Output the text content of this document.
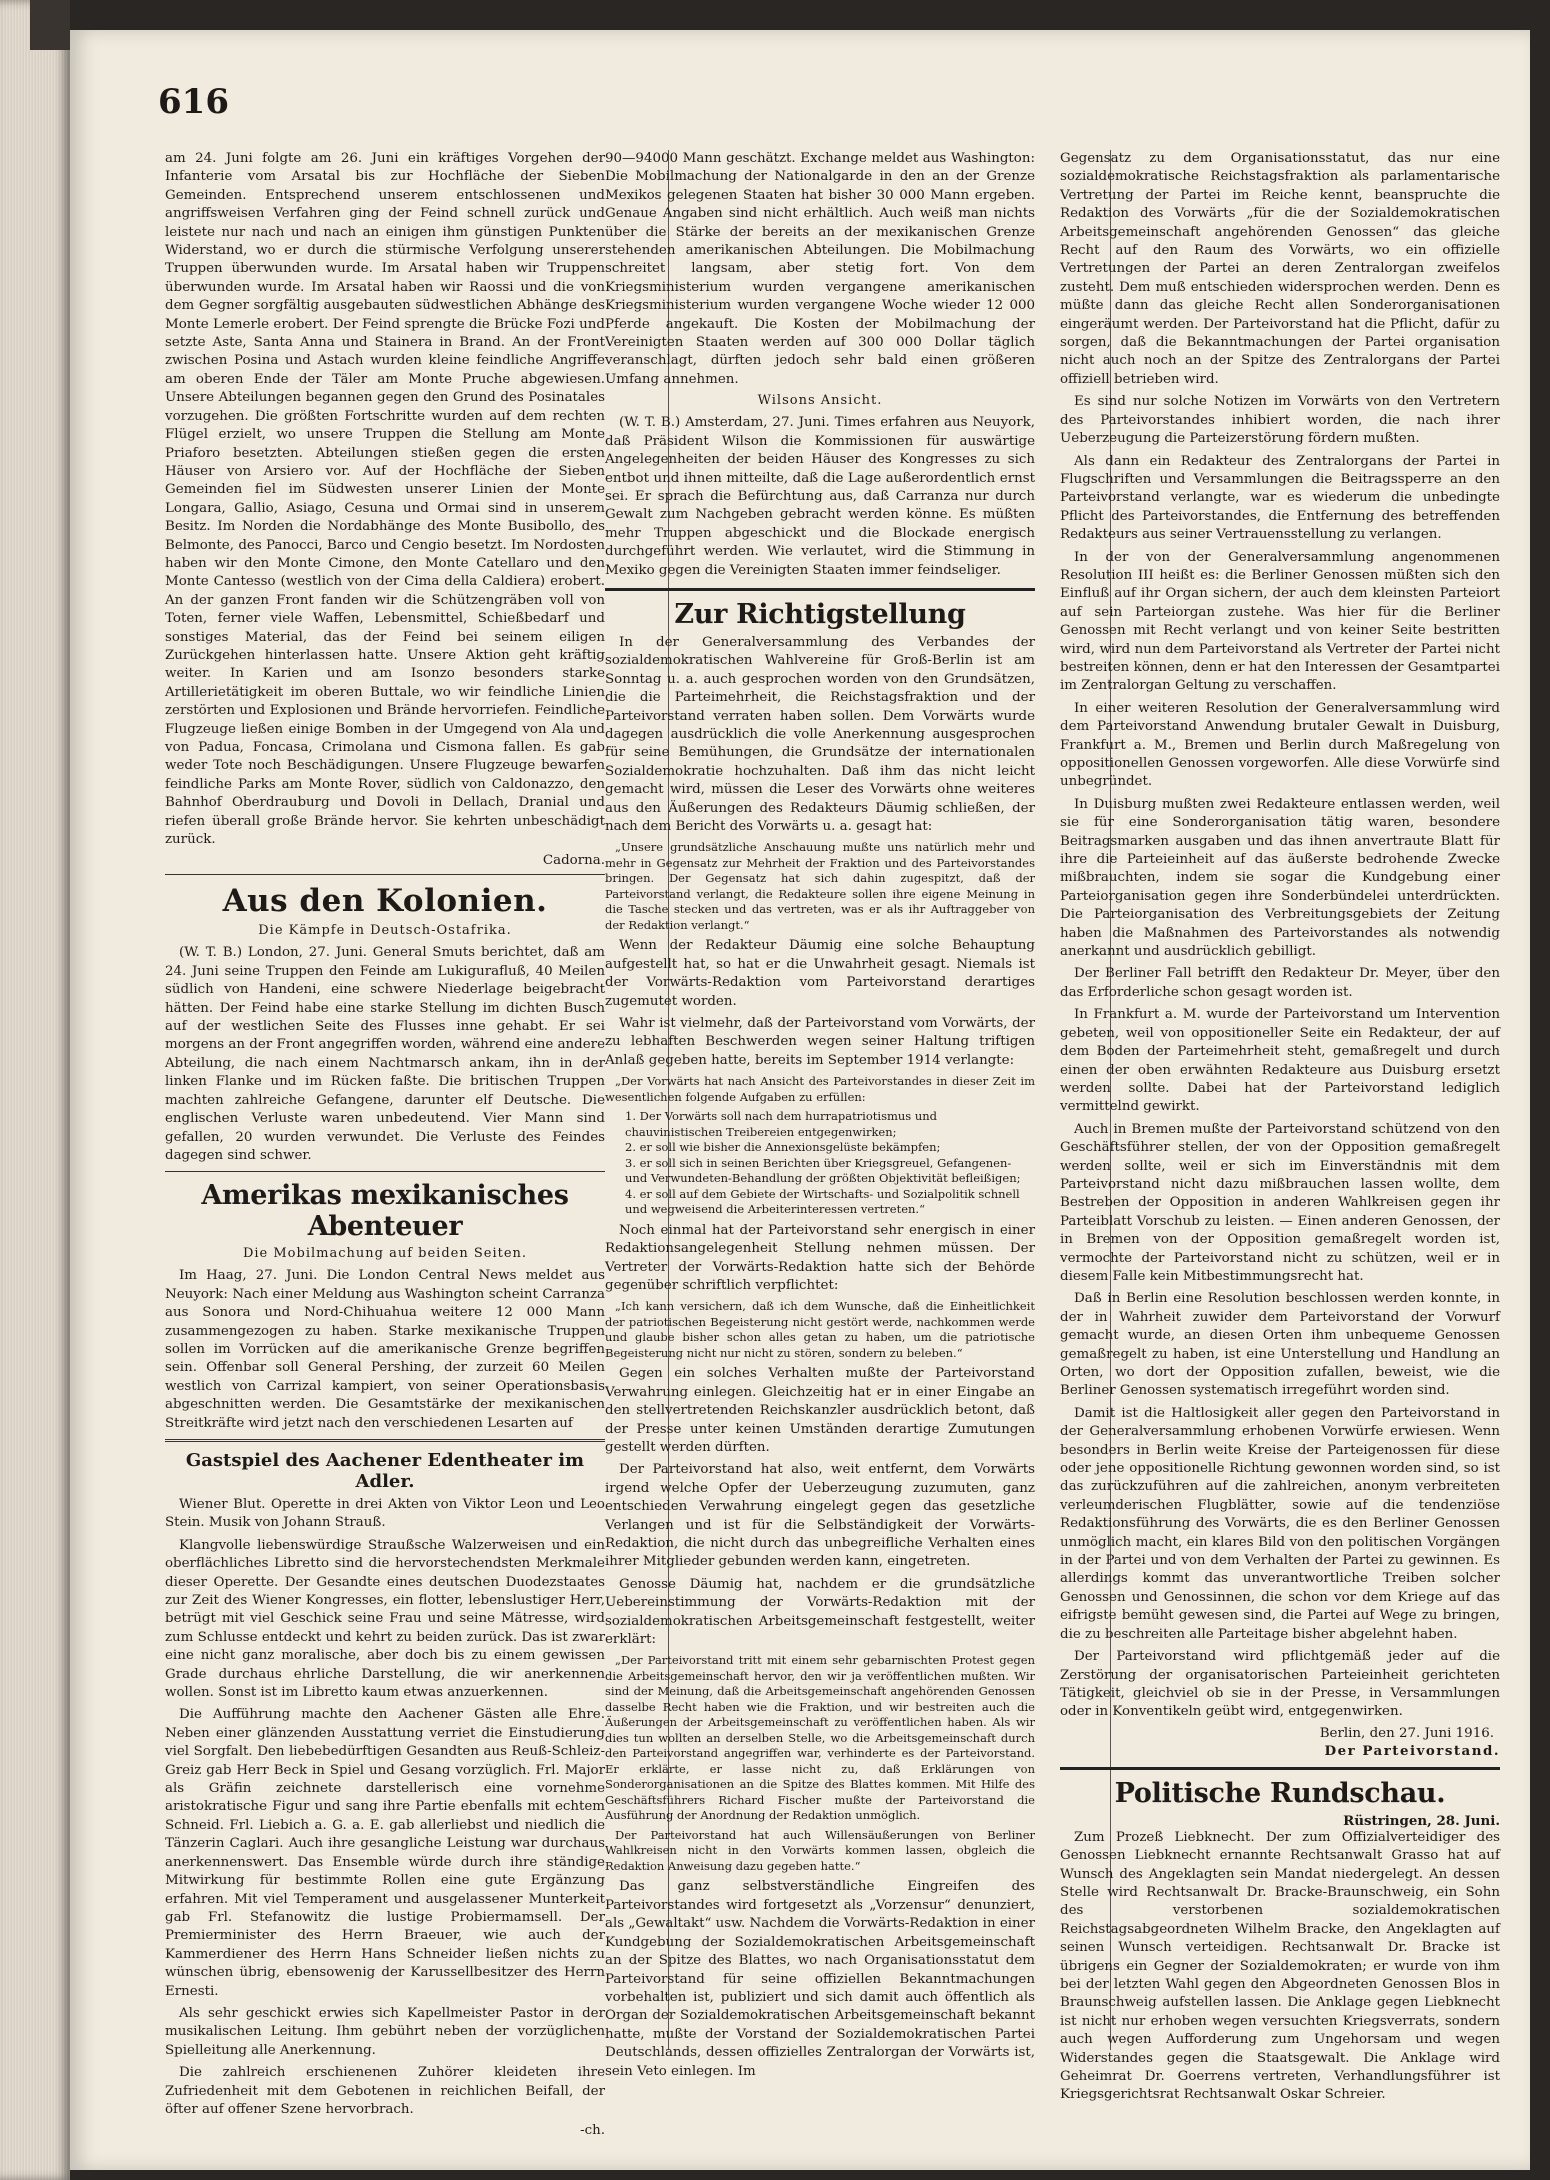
616

am 24. Juni folgte am 26. Juni ein kräftiges Vorgehen der Infanterie vom Arsatal bis zur Hochfläche der Sieben Gemeinden. Entsprechend unserem entschlossenen und angriffsweisen Verfahren ging der Feind schnell zurück und leistete nur nach und nach an einigen ihm günstigen Punkten Widerstand, wo er durch die stürmische Verfolgung unserer Truppen überwunden wurde. Im Arsatal haben wir Truppen überwunden wurde. Im Arsatal haben wir Raossi und die von dem Gegner sorgfältig ausgebauten südwestlichen Abhänge des Monte Lemerle erobert. Der Feind sprengte die Brücke Fozi und setzte Aste, Santa Anna und Stainera in Brand. An der Front zwischen Posina und Astach wurden kleine feindliche Angriffe am oberen Ende der Täler am Monte Pruche abgewiesen. Unsere Abteilungen begannen gegen den Grund des Posinatales vorzugehen. Die größten Fortschritte wurden auf dem rechten Flügel erzielt, wo unsere Truppen die Stellung am Monte Priaforo besetzten. Abteilungen stießen gegen die ersten Häuser von Arsiero vor. Auf der Hochfläche der Sieben Gemeinden fiel im Südwesten unserer Linien der Monte Longara, Gallio, Asiago, Cesuna und Ormai sind in unserem Besitz. Im Norden die Nordabhänge des Monte Busibollo, des Belmonte, des Panocci, Barco und Cengio besetzt. Im Nordosten haben wir den Monte Cimone, den Monte Catellaro und den Monte Cantesso (westlich von der Cima della Caldiera) erobert. An der ganzen Front fanden wir die Schützengräben voll von Toten, ferner viele Waffen, Lebensmittel, Schießbedarf und sonstiges Material, das der Feind bei seinem eiligen Zurückgehen hinterlassen hatte. Unsere Aktion geht kräftig weiter. In Karien und am Isonzo besonders starke Artillerietätigkeit im oberen Buttale, wo wir feindliche Linien zerstörten und Explosionen und Brände hervorriefen. Feindliche Flugzeuge ließen einige Bomben in der Umgegend von Ala und von Padua, Foncasa, Crimolana und Cismona fallen. Es gab weder Tote noch Beschädigungen. Unsere Flugzeuge bewarfen feindliche Parks am Monte Rover, südlich von Caldonazzo, den Bahnhof Oberdrauburg und Dovoli in Dellach, Dranial und riefen überall große Brände hervor. Sie kehrten unbeschädigt zurück.

Cadorna.
Aus den Kolonien.
Die Kämpfe in Deutsch-Ostafrika.

(W. T. B.) London, 27. Juni. General Smuts berichtet, daß am 24. Juni seine Truppen den Feinde am Lukigurafluß, 40 Meilen südlich von Handeni, eine schwere Niederlage beigebracht hätten. Der Feind habe eine starke Stellung im dichten Busch auf der westlichen Seite des Flusses inne gehabt. Er sei morgens an der Front angegriffen worden, während eine andere Abteilung, die nach einem Nachtmarsch ankam, ihn in der linken Flanke und im Rücken faßte. Die britischen Truppen machten zahlreiche Gefangene, darunter elf Deutsche. Die englischen Verluste waren unbedeutend. Vier Mann sind gefallen, 20 wurden verwundet. Die Verluste des Feindes dagegen sind schwer.

Amerikas mexikanisches Abenteuer
Die Mobilmachung auf beiden Seiten.

Im Haag, 27. Juni. Die London Central News meldet aus Neuyork: Nach einer Meldung aus Washington scheint Carranza aus Sonora und Nord-Chihuahua weitere 12 000 Mann zusammengezogen zu haben. Starke mexikanische Truppen sollen im Vorrücken auf die amerikanische Grenze begriffen sein. Offenbar soll General Pershing, der zurzeit 60 Meilen westlich von Carrizal kampiert, von seiner Operationsbasis abgeschnitten werden. Die Gesamtstärke der mexikanischen Streitkräfte wird jetzt nach den verschiedenen Lesarten auf

Gastspiel des Aachener Edentheater im Adler.

Wiener Blut. Operette in drei Akten von Viktor Leon und Leo Stein. Musik von Johann Strauß.

Klangvolle liebenswürdige Straußsche Walzerweisen und ein oberflächliches Libretto sind die hervorstechendsten Merkmale dieser Operette. Der Gesandte eines deutschen Duodezstaates zur Zeit des Wiener Kongresses, ein flotter, lebenslustiger Herr, betrügt mit viel Geschick seine Frau und seine Mätresse, wird zum Schlusse entdeckt und kehrt zu beiden zurück. Das ist zwar eine nicht ganz moralische, aber doch bis zu einem gewissen Grade durchaus ehrliche Darstellung, die wir anerkennen wollen. Sonst ist im Libretto kaum etwas anzuerkennen.

Die Aufführung machte den Aachener Gästen alle Ehre. Neben einer glänzenden Ausstattung verriet die Einstudierung viel Sorgfalt. Den liebebedürftigen Gesandten aus Reuß-Schleiz-Greiz gab Herr Beck in Spiel und Gesang vorzüglich. Frl. Major als Gräfin zeichnete darstellerisch eine vornehme aristokratische Figur und sang ihre Partie ebenfalls mit echtem Schneid. Frl. Liebich a. G. a. E. gab allerliebst und niedlich die Tänzerin Caglari. Auch ihre gesangliche Leistung war durchaus anerkennenswert. Das Ensemble würde durch ihre ständige Mitwirkung für bestimmte Rollen eine gute Ergänzung erfahren. Mit viel Temperament und ausgelassener Munterkeit gab Frl. Stefanowitz die lustige Probiermamsell. Der Premierminister des Herrn Braeuer, wie auch der Kammerdiener des Herrn Hans Schneider ließen nichts zu wünschen übrig, ebensowenig der Karussellbesitzer des Herrn Ernesti.

Als sehr geschickt erwies sich Kapellmeister Pastor in der musikalischen Leitung. Ihm gebührt neben der vorzüglichen Spielleitung alle Anerkennung.

Die zahlreich erschienenen Zuhörer kleideten ihre Zufriedenheit mit dem Gebotenen in reichlichen Beifall, der öfter auf offener Szene hervorbrach.

-ch.

90—94000 Mann geschätzt. Exchange meldet aus Washington: Die Mobilmachung der Nationalgarde in den an der Grenze Mexikos gelegenen Staaten hat bisher 30 000 Mann ergeben. Genaue Angaben sind nicht erhältlich. Auch weiß man nichts über die Stärke der bereits an der mexikanischen Grenze stehenden amerikanischen Abteilungen. Die Mobilmachung schreitet langsam, aber stetig fort. Von dem Kriegsministerium wurden vergangene amerikanischen Kriegsministerium wurden vergangene Woche wieder 12 000 Pferde angekauft. Die Kosten der Mobilmachung der Vereinigten Staaten werden auf 300 000 Dollar täglich veranschlagt, dürften jedoch sehr bald einen größeren Umfang annehmen.

Wilsons Ansicht.

(W. T. B.) Amsterdam, 27. Juni. Times erfahren aus Neuyork, daß Präsident Wilson die Kommissionen für auswärtige Angelegenheiten der beiden Häuser des Kongresses zu sich entbot und ihnen mitteilte, daß die Lage außerordentlich ernst sei. Er sprach die Befürchtung aus, daß Carranza nur durch Gewalt zum Nachgeben gebracht werden könne. Es müßten mehr Truppen abgeschickt und die Blockade energisch durchgeführt werden. Wie verlautet, wird die Stimmung in Mexiko gegen die Vereinigten Staaten immer feindseliger.

Zur Richtigstellung

In der Generalversammlung des Verbandes der sozialdemokratischen Wahlvereine für Groß-Berlin ist am Sonntag u. a. auch gesprochen worden von den Grundsätzen, die die Parteimehrheit, die Reichstagsfraktion und der Parteivorstand verraten haben sollen. Dem Vorwärts wurde dagegen ausdrücklich die volle Anerkennung ausgesprochen für seine Bemühungen, die Grundsätze der internationalen Sozialdemokratie hochzuhalten. Daß ihm das nicht leicht gemacht wird, müssen die Leser des Vorwärts ohne weiteres aus den Äußerungen des Redakteurs Däumig schließen, der nach dem Bericht des Vorwärts u. a. gesagt hat:

„Unsere grundsätzliche Anschauung mußte uns natürlich mehr und mehr in Gegensatz zur Mehrheit der Fraktion und des Parteivorstandes bringen. Der Gegensatz hat sich dahin zugespitzt, daß der Parteivorstand verlangt, die Redakteure sollen ihre eigene Meinung in die Tasche stecken und das vertreten, was er als ihr Auftraggeber von der Redaktion verlangt.“

Wenn der Redakteur Däumig eine solche Behauptung aufgestellt hat, so hat er die Unwahrheit gesagt. Niemals ist der Vorwärts-Redaktion vom Parteivorstand derartiges zugemutet worden.

Wahr ist vielmehr, daß der Parteivorstand vom Vorwärts, der zu lebhaften Beschwerden wegen seiner Haltung triftigen Anlaß gegeben hatte, bereits im September 1914 verlangte:

„Der Vorwärts hat nach Ansicht des Parteivorstandes in dieser Zeit im wesentlichen folgende Aufgaben zu erfüllen:

1. Der Vorwärts soll nach dem hurrapatriotismus und chauvinistischen Treibereien entgegenwirken;
2. er soll wie bisher die Annexionsgelüste bekämpfen;
3. er soll sich in seinen Berichten über Kriegsgreuel, Gefangenen- und Verwundeten-Behandlung der größten Objektivität befleißigen;
4. er soll auf dem Gebiete der Wirtschafts- und Sozialpolitik schnell und wegweisend die Arbeiterinteressen vertreten.“

Noch einmal hat der Parteivorstand sehr energisch in einer Redaktionsangelegenheit Stellung nehmen müssen. Der Vertreter der Vorwärts-Redaktion hatte sich der Behörde gegenüber schriftlich verpflichtet:

„Ich kann versichern, daß ich dem Wunsche, daß die Einheitlichkeit der patriotischen Begeisterung nicht gestört werde, nachkommen werde und glaube bisher schon alles getan zu haben, um die patriotische Begeisterung nicht nur nicht zu stören, sondern zu beleben.“

Gegen ein solches Verhalten mußte der Parteivorstand Verwahrung einlegen. Gleichzeitig hat er in einer Eingabe an den stellvertretenden Reichskanzler ausdrücklich betont, daß der Presse unter keinen Umständen derartige Zumutungen gestellt werden dürften.

Der Parteivorstand hat also, weit entfernt, dem Vorwärts irgend welche Opfer der Ueberzeugung zuzumuten, ganz entschieden Verwahrung eingelegt gegen das gesetzliche Verlangen und ist für die Selbständigkeit der Vorwärts-Redaktion, die nicht durch das unbegreifliche Verhalten eines ihrer Mitglieder gebunden werden kann, eingetreten.

Genosse Däumig hat, nachdem er die grundsätzliche Uebereinstimmung der Vorwärts-Redaktion mit der sozialdemokratischen Arbeitsgemeinschaft festgestellt, weiter erklärt:

„Der Parteivorstand tritt mit einem sehr gebarnischten Protest gegen die Arbeitsgemeinschaft hervor, den wir ja veröffentlichen mußten. Wir sind der Meinung, daß die Arbeitsgemeinschaft angehörenden Genossen dasselbe Recht haben wie die Fraktion, und wir bestreiten auch die Äußerungen der Arbeitsgemeinschaft zu veröffentlichen haben. Als wir dies tun wollten an derselben Stelle, wo die Arbeitsgemeinschaft durch den Parteivorstand angegriffen war, verhinderte es der Parteivorstand. Er erklärte, er lasse nicht zu, daß Erklärungen von Sonderorganisationen an die Spitze des Blattes kommen. Mit Hilfe des Geschäftsführers Richard Fischer mußte der Parteivorstand die Ausführung der Anordnung der Redaktion unmöglich.

Der Parteivorstand hat auch Willensäußerungen von Berliner Wahlkreisen nicht in den Vorwärts kommen lassen, obgleich die Redaktion Anweisung dazu gegeben hatte.“

Das ganz selbstverständliche Eingreifen des Parteivorstandes wird fortgesetzt als „Vorzensur“ denunziert, als „Gewaltakt“ usw. Nachdem die Vorwärts-Redaktion in einer Kundgebung der Sozialdemokratischen Arbeitsgemeinschaft an der Spitze des Blattes, wo nach Organisationsstatut dem Parteivorstand für seine offiziellen Bekanntmachungen vorbehalten ist, publiziert und sich damit auch öffentlich als Organ der Sozialdemokratischen Arbeitsgemeinschaft bekannt hatte, mußte der Vorstand der Sozialdemokratischen Partei Deutschlands, dessen offizielles Zentralorgan der Vorwärts ist, sein Veto einlegen. Im

Gegensatz zu dem Organisationsstatut, das nur eine sozialdemokratische Reichstagsfraktion als parlamentarische Vertretung der Partei im Reiche kennt, beanspruchte die Redaktion des Vorwärts „für die der Sozialdemokratischen Arbeitsgemeinschaft angehörenden Genossen“ das gleiche Recht auf den Raum des Vorwärts, wo ein offizielle Vertretungen der Partei an deren Zentralorgan zweifelos zusteht. Dem muß entschieden widersprochen werden. Denn es müßte dann das gleiche Recht allen Sonderorganisationen eingeräumt werden. Der Parteivorstand hat die Pflicht, dafür zu sorgen, daß die Bekanntmachungen der Partei organisation nicht auch noch an der Spitze des Zentralorgans der Partei offiziell betrieben wird.

Es sind nur solche Notizen im Vorwärts von den Vertretern des Parteivorstandes inhibiert worden, die nach ihrer Ueberzeugung die Parteizerstörung fördern mußten.

Als dann ein Redakteur des Zentralorgans der Partei in Flugschriften und Versammlungen die Beitragssperre an den Parteivorstand verlangte, war es wiederum die unbedingte Pflicht des Parteivorstandes, die Entfernung des betreffenden Redakteurs aus seiner Vertrauensstellung zu verlangen.

In der von der Generalversammlung angenommenen Resolution III heißt es: die Berliner Genossen müßten sich den Einfluß auf ihr Organ sichern, der auch dem kleinsten Parteiort auf sein Parteiorgan zustehe. Was hier für die Berliner Genossen mit Recht verlangt und von keiner Seite bestritten wird, wird nun dem Parteivorstand als Vertreter der Partei nicht bestreiten können, denn er hat den Interessen der Gesamtpartei im Zentralorgan Geltung zu verschaffen.

In einer weiteren Resolution der Generalversammlung wird dem Parteivorstand Anwendung brutaler Gewalt in Duisburg, Frankfurt a. M., Bremen und Berlin durch Maßregelung von oppositionellen Genossen vorgeworfen. Alle diese Vorwürfe sind unbegründet.

In Duisburg mußten zwei Redakteure entlassen werden, weil sie für eine Sonderorganisation tätig waren, besondere Beitragsmarken ausgaben und das ihnen anvertraute Blatt für ihre die Parteieinheit auf das äußerste bedrohende Zwecke mißbrauchten, indem sie sogar die Kundgebung einer Parteiorganisation gegen ihre Sonderbündelei unterdrückten. Die Parteiorganisation des Verbreitungsgebiets der Zeitung haben die Maßnahmen des Parteivorstandes als notwendig anerkannt und ausdrücklich gebilligt.

Der Berliner Fall betrifft den Redakteur Dr. Meyer, über den das Erforderliche schon gesagt worden ist.

In Frankfurt a. M. wurde der Parteivorstand um Intervention gebeten, weil von oppositioneller Seite ein Redakteur, der auf dem Boden der Parteimehrheit steht, gemaßregelt und durch einen der oben erwähnten Redakteure aus Duisburg ersetzt werden sollte. Dabei hat der Parteivorstand lediglich vermittelnd gewirkt.

Auch in Bremen mußte der Parteivorstand schützend von den Geschäftsführer stellen, der von der Opposition gemaßregelt werden sollte, weil er sich im Einverständnis mit dem Parteivorstand nicht dazu mißbrauchen lassen wollte, dem Bestreben der Opposition in anderen Wahlkreisen gegen ihr Parteiblatt Vorschub zu leisten. — Einen anderen Genossen, der in Bremen von der Opposition gemaßregelt worden ist, vermochte der Parteivorstand nicht zu schützen, weil er in diesem Falle kein Mitbestimmungsrecht hat.

Daß in Berlin eine Resolution beschlossen werden konnte, in der in Wahrheit zuwider dem Parteivorstand der Vorwurf gemacht wurde, an diesen Orten ihm unbequeme Genossen gemaßregelt zu haben, ist eine Unterstellung und Handlung an Orten, wo dort der Opposition zufallen, beweist, wie die Berliner Genossen systematisch irregeführt worden sind.

Damit ist die Haltlosigkeit aller gegen den Parteivorstand in der Generalversammlung erhobenen Vorwürfe erwiesen. Wenn besonders in Berlin weite Kreise der Parteigenossen für diese oder jene oppositionelle Richtung gewonnen worden sind, so ist das zurückzuführen auf die zahlreichen, anonym verbreiteten verleumderischen Flugblätter, sowie auf die tendenziöse Redaktionsführung des Vorwärts, die es den Berliner Genossen unmöglich macht, ein klares Bild von den politischen Vorgängen in der Partei und von dem Verhalten der Partei zu gewinnen. Es allerdings kommt das unverantwortliche Treiben solcher Genossen und Genossinnen, die schon vor dem Kriege auf das eifrigste bemüht gewesen sind, die Partei auf Wege zu bringen, die zu beschreiten alle Parteitage bisher abgelehnt haben.

Der Parteivorstand wird pflichtgemäß jeder auf die Zerstörung der organisatorischen Parteieinheit gerichteten Tätigkeit, gleichviel ob sie in der Presse, in Versammlungen oder in Konventikeln geübt wird, entgegenwirken.

Berlin, den 27. Juni 1916.
Der Parteivorstand.
Politische Rundschau.
Rüstringen, 28. Juni.

Zum Prozeß Liebknecht. Der zum Offizialverteidiger des Genossen Liebknecht ernannte Rechtsanwalt Grasso hat auf Wunsch des Angeklagten sein Mandat niedergelegt. An dessen Stelle wird Rechtsanwalt Dr. Bracke-Braunschweig, ein Sohn des verstorbenen sozialdemokratischen Reichstagsabgeordneten Wilhelm Bracke, den Angeklagten auf seinen Wunsch verteidigen. Rechtsanwalt Dr. Bracke ist übrigens ein Gegner der Sozialdemokraten; er wurde von ihm bei der letzten Wahl gegen den Abgeordneten Genossen Blos in Braunschweig aufstellen lassen. Die Anklage gegen Liebknecht ist nicht nur erhoben wegen versuchten Kriegsverrats, sondern auch wegen Aufforderung zum Ungehorsam und wegen Widerstandes gegen die Staatsgewalt. Die Anklage wird Geheimrat Dr. Goerrens vertreten, Verhandlungsführer ist Kriegsgerichtsrat Rechtsanwalt Oskar Schreier.
